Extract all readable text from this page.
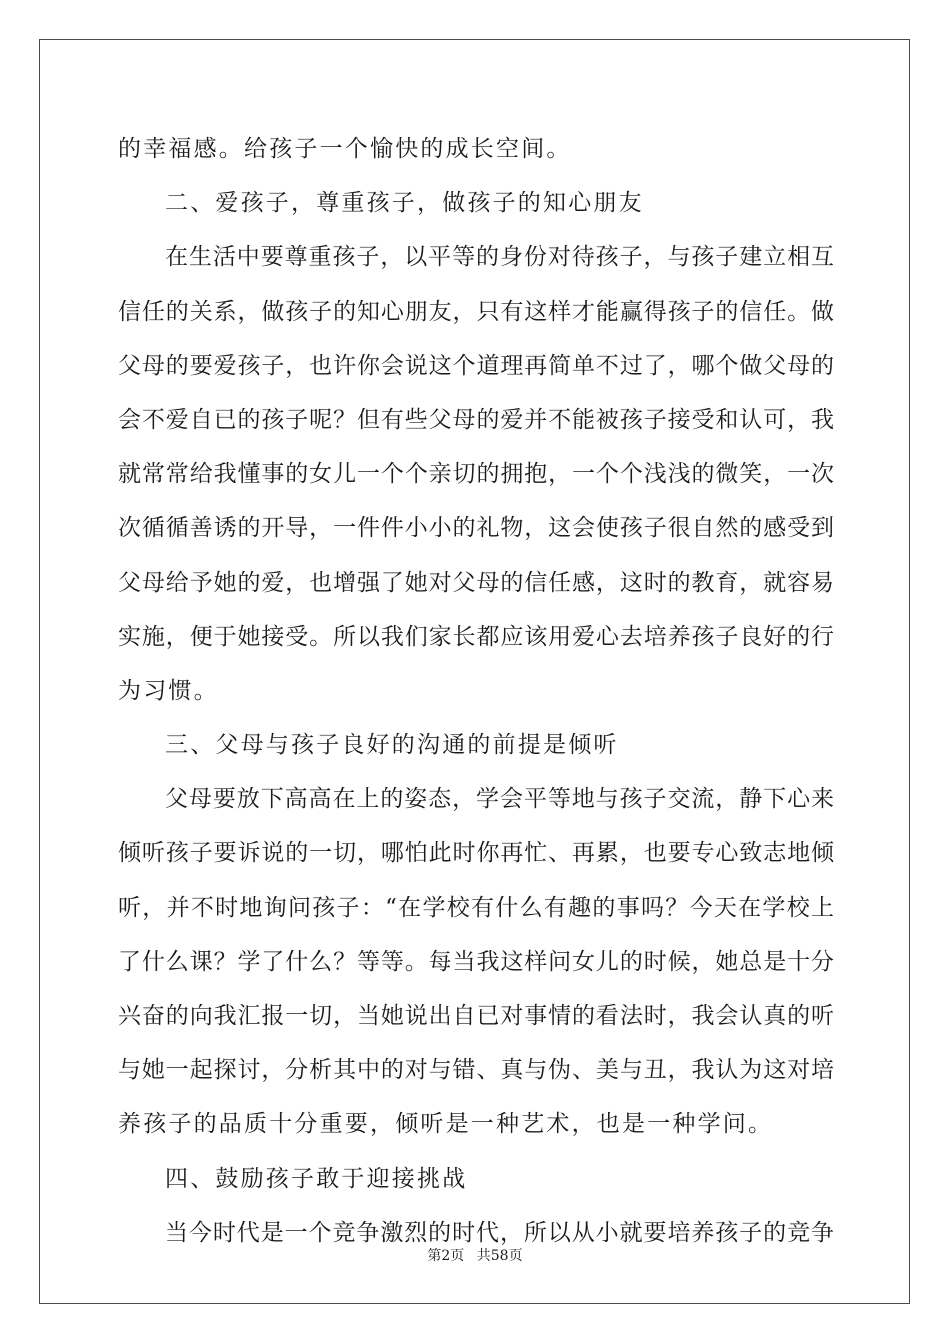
的幸福感。给孩子一个愉快的成长空间。
二、爱孩子，尊重孩子，做孩子的知心朋友
在生活中要尊重孩子，以平等的身份对待孩子，与孩子建立相互
信任的关系，做孩子的知心朋友，只有这样才能赢得孩子的信任。做
父母的要爱孩子，也许你会说这个道理再简单不过了，哪个做父母的
会不爱自已的孩子呢？但有些父母的爱并不能被孩子接受和认可，我
就常常给我懂事的女儿一个个亲切的拥抱，一个个浅浅的微笑，一次
次循循善诱的开导，一件件小小的礼物，这会使孩子很自然的感受到
父母给予她的爱，也增强了她对父母的信任感，这时的教育，就容易
实施，便于她接受。所以我们家长都应该用爱心去培养孩子良好的行
为习惯。
三、父母与孩子良好的沟通的前提是倾听
父母要放下高高在上的姿态，学会平等地与孩子交流，静下心来
倾听孩子要诉说的一切，哪怕此时你再忙、再累，也要专心致志地倾
听，并不时地询问孩子：“在学校有什么有趣的事吗？今天在学校上
了什么课？学了什么？等等。每当我这样问女儿的时候，她总是十分
兴奋的向我汇报一切，当她说出自已对事情的看法时，我会认真的听
与她一起探讨，分析其中的对与错、真与伪、美与丑，我认为这对培
养孩子的品质十分重要，倾听是一种艺术，也是一种学问。
四、鼓励孩子敢于迎接挑战
当今时代是一个竞争激烈的时代，所以从小就要培养孩子的竞争
第2页 共58页
